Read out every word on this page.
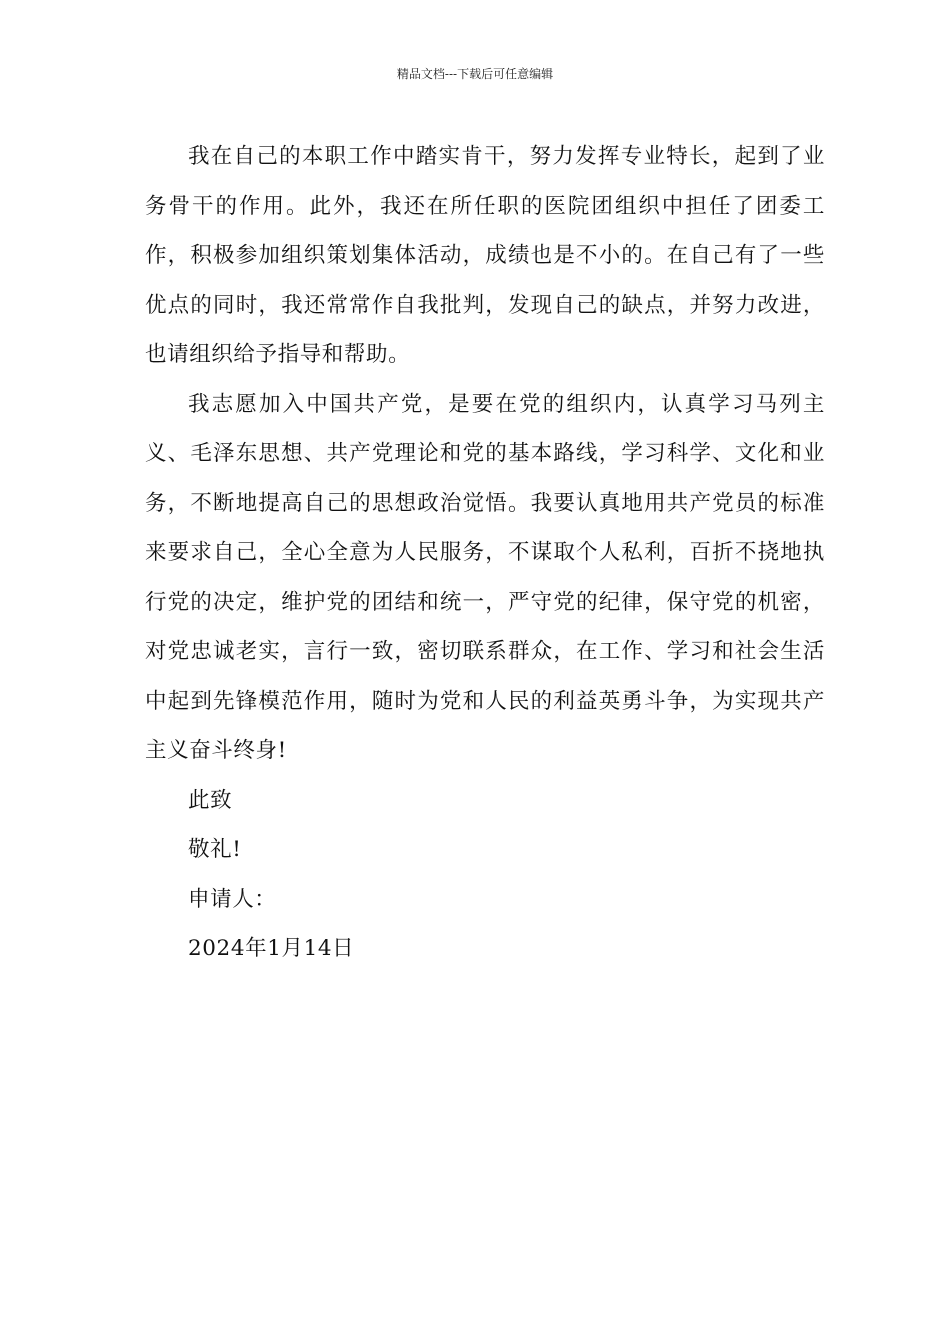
精品文档---下载后可任意编辑

我在自己的本职工作中踏实肯干，努力发挥专业特长，起到了业务骨干的作用。此外，我还在所任职的医院团组织中担任了团委工作，积极参加组织策划集体活动，成绩也是不小的。在自己有了一些优点的同时，我还常常作自我批判，发现自己的缺点，并努力改进，也请组织给予指导和帮助。

我志愿加入中国共产党，是要在党的组织内，认真学习马列主义、毛泽东思想、共产党理论和党的基本路线，学习科学、文化和业务，不断地提高自己的思想政治觉悟。我要认真地用共产党员的标准来要求自己，全心全意为人民服务，不谋取个人私利，百折不挠地执行党的决定，维护党的团结和统一，严守党的纪律，保守党的机密，对党忠诚老实，言行一致，密切联系群众，在工作、学习和社会生活中起到先锋模范作用，随时为党和人民的利益英勇斗争，为实现共产主义奋斗终身!

此致

敬礼!

申请人：

2024年1月14日
